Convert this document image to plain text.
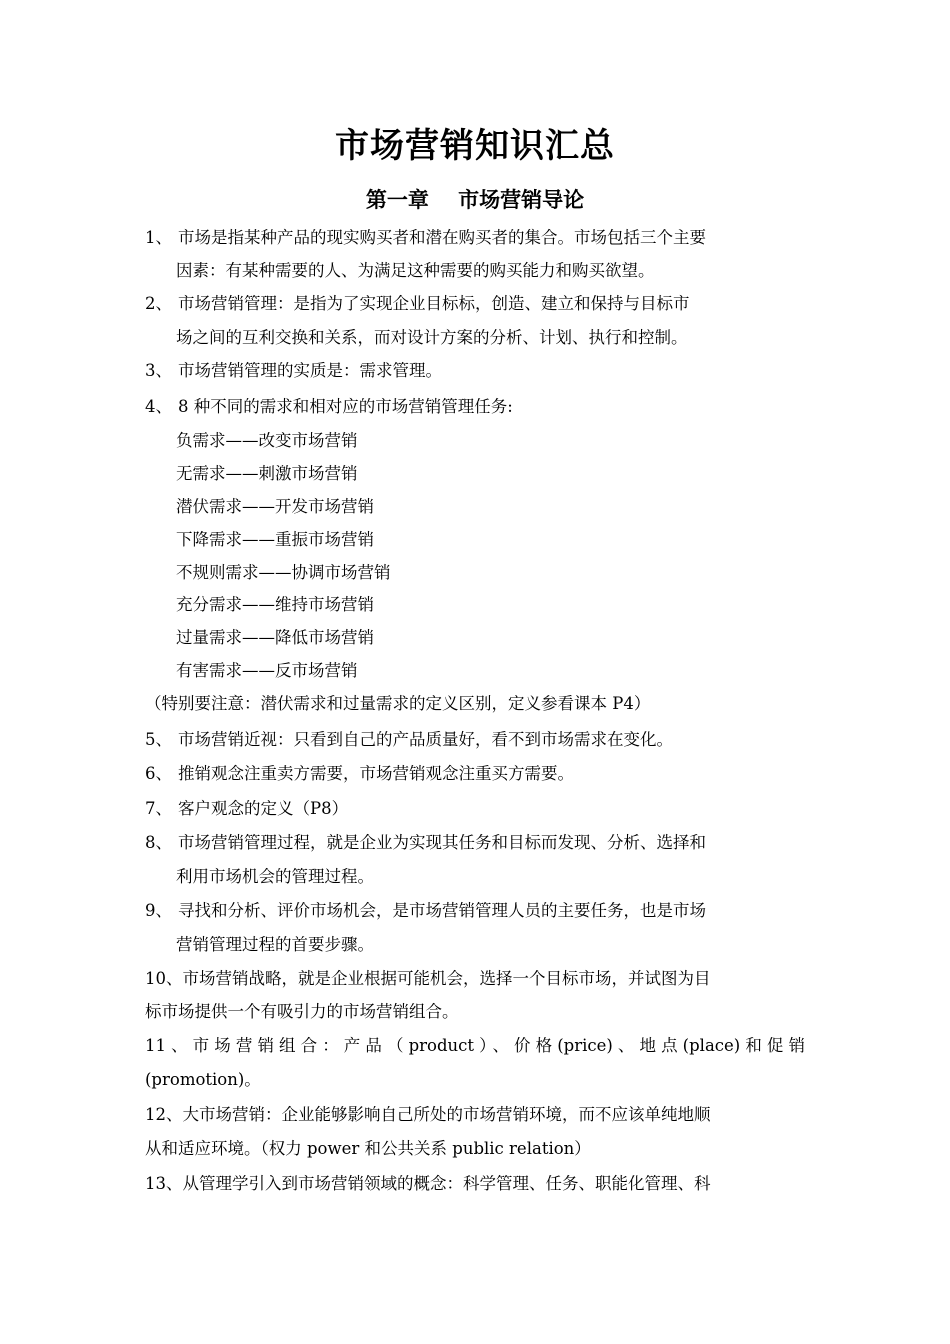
市场营销知识汇总
第一章    市场营销导论
1、 市场是指某种产品的现实购买者和潜在购买者的集合。市场包括三个主要
因素：有某种需要的人、为满足这种需要的购买能力和购买欲望。
2、 市场营销管理：是指为了实现企业目标标，创造、建立和保持与目标市
场之间的互利交换和关系，而对设计方案的分析、计划、执行和控制。
3、 市场营销管理的实质是：需求管理。
4、 8 种不同的需求和相对应的市场营销管理任务:
负需求——改变市场营销
无需求——刺激市场营销
潜伏需求——开发市场营销
下降需求——重振市场营销
不规则需求——协调市场营销
充分需求——维持市场营销
过量需求——降低市场营销
有害需求——反市场营销
（特别要注意：潜伏需求和过量需求的定义区别，定义参看课本 P4）
5、 市场营销近视：只看到自己的产品质量好，看不到市场需求在变化。
6、 推销观念注重卖方需要，市场营销观念注重买方需要。
7、 客户观念的定义（P8）
8、 市场营销管理过程，就是企业为实现其任务和目标而发现、分析、选择和
利用市场机会的管理过程。
9、 寻找和分析、评价市场机会，是市场营销管理人员的主要任务，也是市场
营销管理过程的首要步骤。
10、市场营销战略，就是企业根据可能机会，选择一个目标市场，并试图为目
标市场提供一个有吸引力的市场营销组合。
11、市场营销组合：产品（product）、价格(price)、地点(place)和促销
(promotion)。
12、大市场营销：企业能够影响自己所处的市场营销环境，而不应该单纯地顺
从和适应环境。（权力 power 和公共关系 public relation）
13、从管理学引入到市场营销领域的概念：科学管理、任务、职能化管理、科
